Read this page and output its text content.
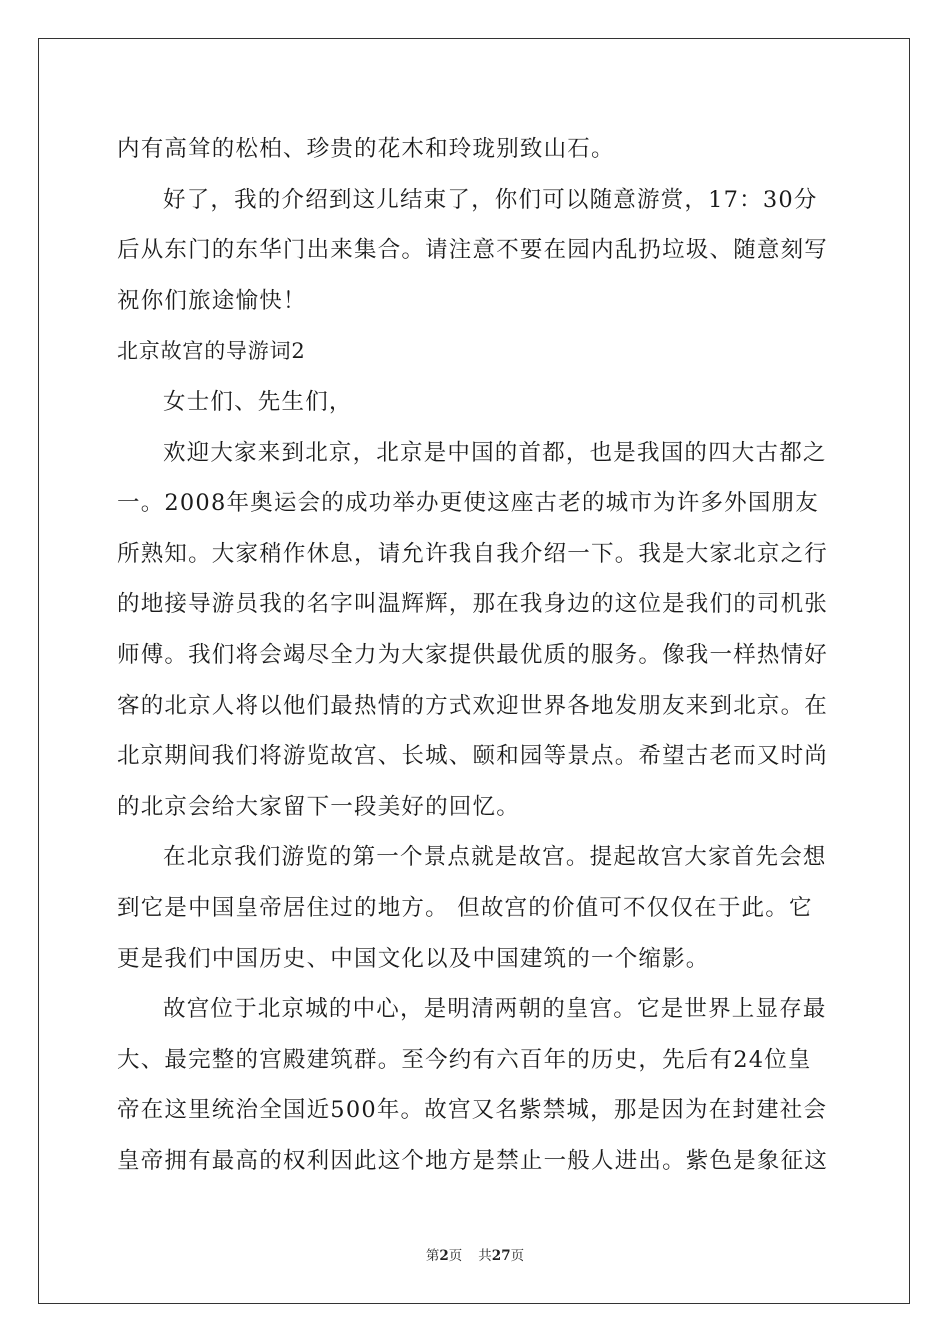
内有高耸的松柏、珍贵的花木和玲珑别致山石。
好了，我的介绍到这儿结束了，你们可以随意游赏，17：30分
后从东门的东华门出来集合。请注意不要在园内乱扔垃圾、随意刻写
祝你们旅途愉快！
北京故宫的导游词2
女士们、先生们，
欢迎大家来到北京，北京是中国的首都，也是我国的四大古都之
一。2008年奥运会的成功举办更使这座古老的城市为许多外国朋友
所熟知。大家稍作休息，请允许我自我介绍一下。我是大家北京之行
的地接导游员我的名字叫温辉辉，那在我身边的这位是我们的司机张
师傅。我们将会竭尽全力为大家提供最优质的服务。像我一样热情好
客的北京人将以他们最热情的方式欢迎世界各地发朋友来到北京。在
北京期间我们将游览故宫、长城、颐和园等景点。希望古老而又时尚
的北京会给大家留下一段美好的回忆。
在北京我们游览的第一个景点就是故宫。提起故宫大家首先会想
到它是中国皇帝居住过的地方。 但故宫的价值可不仅仅在于此。它
更是我们中国历史、中国文化以及中国建筑的一个缩影。
故宫位于北京城的中心，是明清两朝的皇宫。它是世界上显存最
大、最完整的宫殿建筑群。至今约有六百年的历史，先后有24位皇
帝在这里统治全国近500年。故宫又名紫禁城，那是因为在封建社会
皇帝拥有最高的权利因此这个地方是禁止一般人进出。紫色是象征这
第2页 共27页
